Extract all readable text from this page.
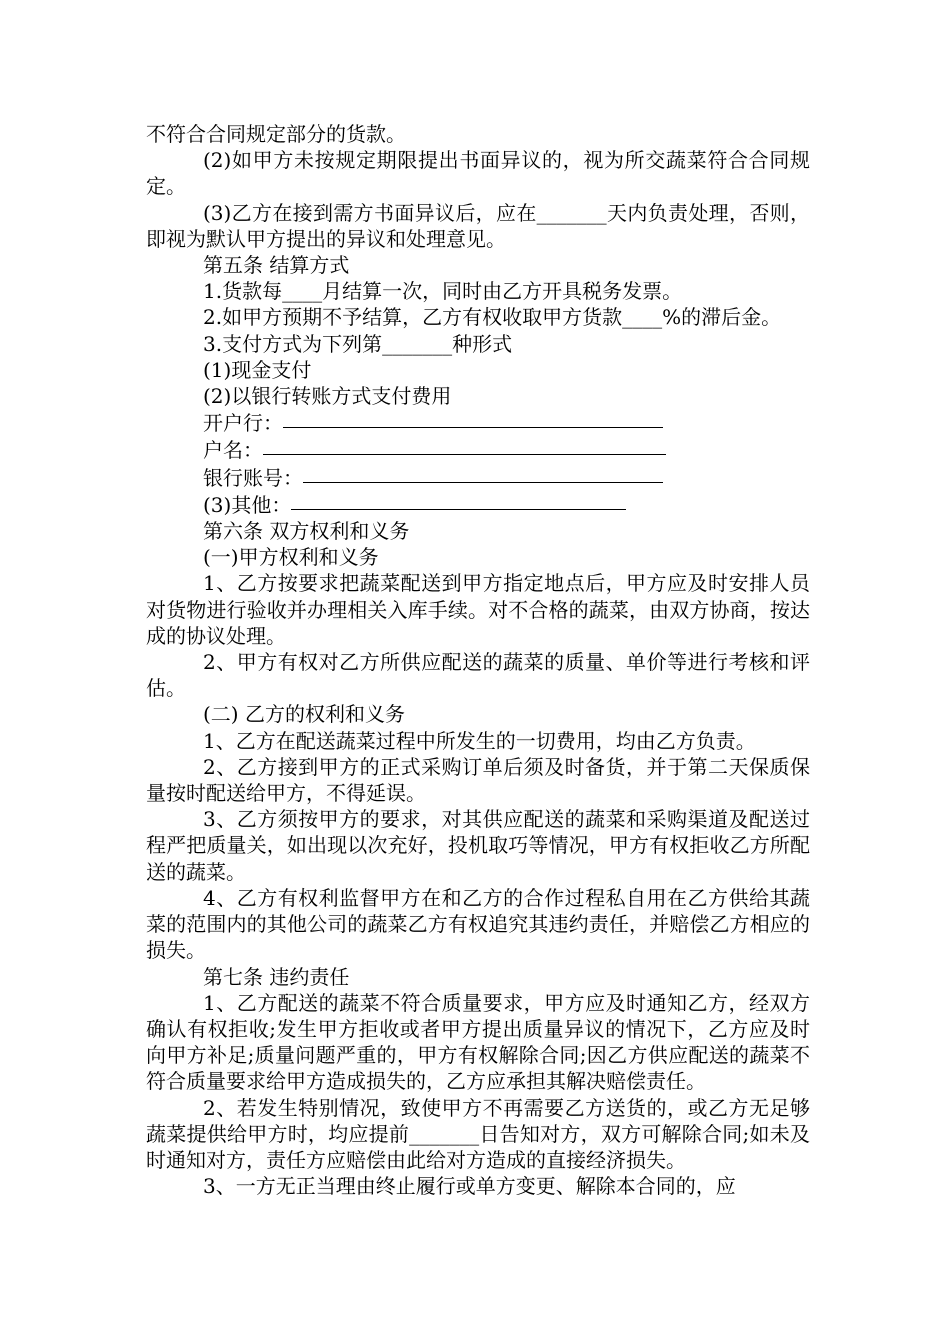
不符合合同规定部分的货款。

(2)如甲方未按规定期限提出书面异议的，视为所交蔬菜符合合同规定。

(3)乙方在接到需方书面异议后，应在_______天内负责处理，否则，即视为默认甲方提出的异议和处理意见。

第五条 结算方式

1.货款每____月结算一次，同时由乙方开具税务发票。

2.如甲方预期不予结算，乙方有权收取甲方货款____%的滞后金。

3.支付方式为下列第_______种形式

(1)现金支付

(2)以银行转账方式支付费用

开户行：

户名：

银行账号：

(3)其他：

第六条 双方权利和义务

(一)甲方权利和义务

1、乙方按要求把蔬菜配送到甲方指定地点后，甲方应及时安排人员对货物进行验收并办理相关入库手续。对不合格的蔬菜，由双方协商，按达成的协议处理。

2、甲方有权对乙方所供应配送的蔬菜的质量、单价等进行考核和评估。

(二) 乙方的权利和义务

1、乙方在配送蔬菜过程中所发生的一切费用，均由乙方负责。

2、乙方接到甲方的正式采购订单后须及时备货，并于第二天保质保量按时配送给甲方，不得延误。

3、乙方须按甲方的要求，对其供应配送的蔬菜和采购渠道及配送过程严把质量关，如出现以次充好，投机取巧等情况，甲方有权拒收乙方所配送的蔬菜。

4、乙方有权利监督甲方在和乙方的合作过程私自用在乙方供给其蔬菜的范围内的其他公司的蔬菜乙方有权追究其违约责任，并赔偿乙方相应的损失。

第七条 违约责任

1、乙方配送的蔬菜不符合质量要求，甲方应及时通知乙方，经双方确认有权拒收;发生甲方拒收或者甲方提出质量异议的情况下，乙方应及时向甲方补足;质量问题严重的，甲方有权解除合同;因乙方供应配送的蔬菜不符合质量要求给甲方造成损失的，乙方应承担其解决赔偿责任。

2、若发生特别情况，致使甲方不再需要乙方送货的，或乙方无足够蔬菜提供给甲方时，均应提前_______日告知对方，双方可解除合同;如未及时通知对方，责任方应赔偿由此给对方造成的直接经济损失。

3、一方无正当理由终止履行或单方变更、解除本合同的，应
